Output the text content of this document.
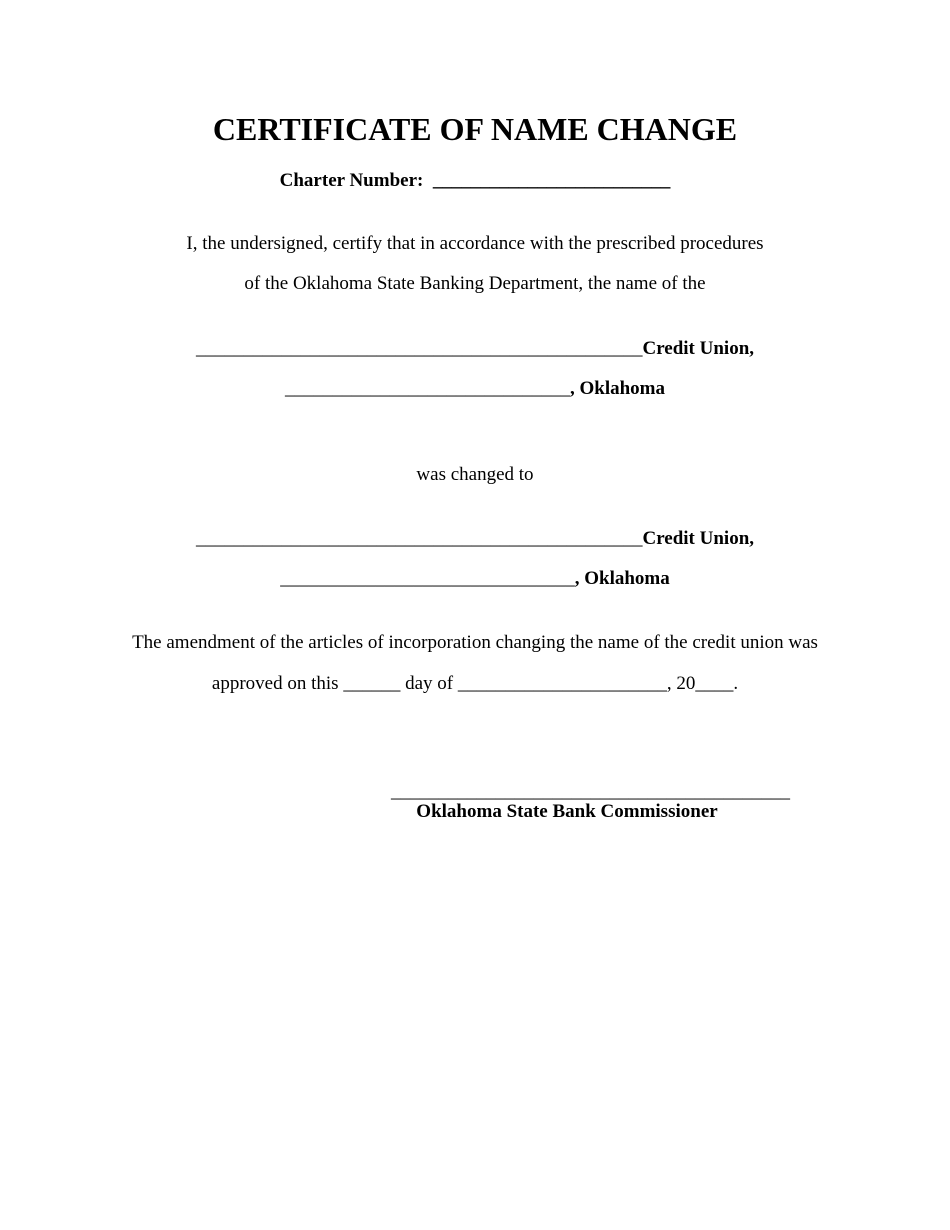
CERTIFICATE OF NAME CHANGE
Charter Number: _________________________
I, the undersigned, certify that in accordance with the prescribed procedures
of the Oklahoma State Banking Department, the name of the
_______________________________________________Credit Union,
______________________________, Oklahoma
was changed to
_______________________________________________Credit Union,
_______________________________, Oklahoma
The amendment of the articles of incorporation changing the name of the credit union was
approved on this ______ day of ______________________, 20____.
__________________________________________
Oklahoma State Bank Commissioner
